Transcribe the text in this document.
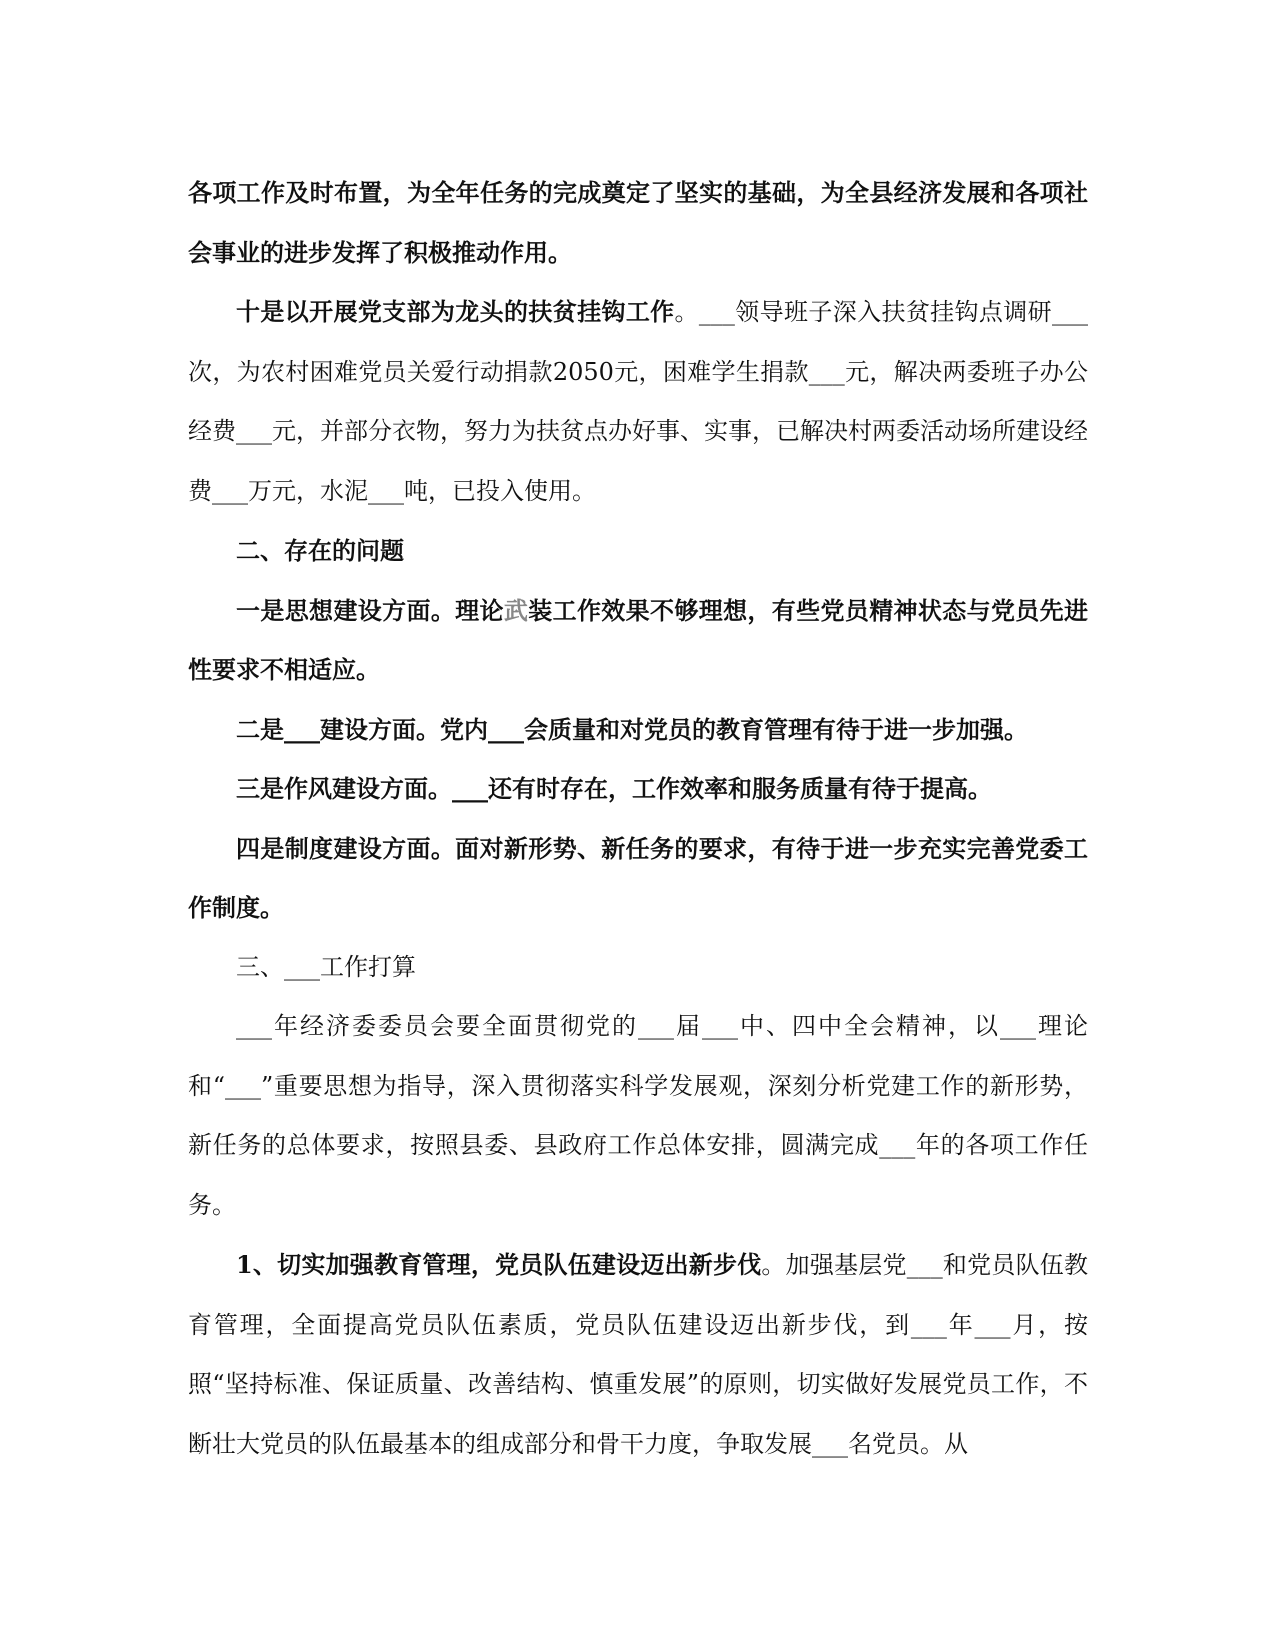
各项工作及时布置，为全年任务的完成奠定了坚实的基础，为全县经济发展和各项社会事业的进步发挥了积极推动作用。

十是以开展党支部为龙头的扶贫挂钩工作。___领导班子深入扶贫挂钩点调研___次，为农村困难党员关爱行动捐款2050元，困难学生捐款___元，解决两委班子办公经费___元，并部分衣物，努力为扶贫点办好事、实事，已解决村两委活动场所建设经费___万元，水泥___吨，已投入使用。

二、存在的问题

一是思想建设方面。理论武装工作效果不够理想，有些党员精神状态与党员先进性要求不相适应。

二是___建设方面。党内___会质量和对党员的教育管理有待于进一步加强。

三是作风建设方面。___还有时存在，工作效率和服务质量有待于提高。

四是制度建设方面。面对新形势、新任务的要求，有待于进一步充实完善党委工作制度。

三、___工作打算

___年经济委委员会要全面贯彻党的___届___中、四中全会精神，以___理论和“___”重要思想为指导，深入贯彻落实科学发展观，深刻分析党建工作的新形势，新任务的总体要求，按照县委、县政府工作总体安排，圆满完成___年的各项工作任务。

1、切实加强教育管理，党员队伍建设迈出新步伐。加强基层党___和党员队伍教育管理，全面提高党员队伍素质，党员队伍建设迈出新步伐，到___年___月，按照“坚持标准、保证质量、改善结构、慎重发展”的原则，切实做好发展党员工作，不断壮大党员的队伍最基本的组成部分和骨干力度，争取发展___名党员。从
